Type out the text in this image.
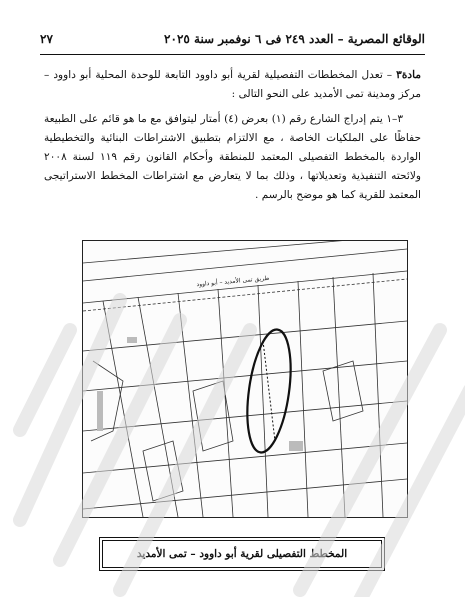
الوقائع المصرية – العدد ٢٤٩ فى ٦ نوفمبر سنة ٢٠٢٥
٢٧

مادة٣ – تعدل المخططات التفصيلية لقرية أبو داوود التابعة للوحدة المحلية أبو داوود – مركز ومدينة تمى الأمديد على النحو التالى :

٣–١ يتم إدراج الشارع رقم (١) بعرض (٤) أمتار ليتوافق مع ما هو قائم على الطبيعة حفاظًا على الملكيات الخاصة ، مع الالتزام بتطبيق الاشتراطات البنائية والتخطيطية الواردة بالمخطط التفصيلى المعتمد للمنطقة وأحكام القانون رقم ١١٩ لسنة ٢٠٠٨ ولائحته التنفيذية وتعديلاتها ، وذلك بما لا يتعارض مع اشتراطات المخطط الاستراتيجى المعتمد للقرية كما هو موضح بالرسم .

طريق تمى الأمديد – أبو داوود
المخطط التفصيلى لقرية أبو داوود – تمى الأمديد
